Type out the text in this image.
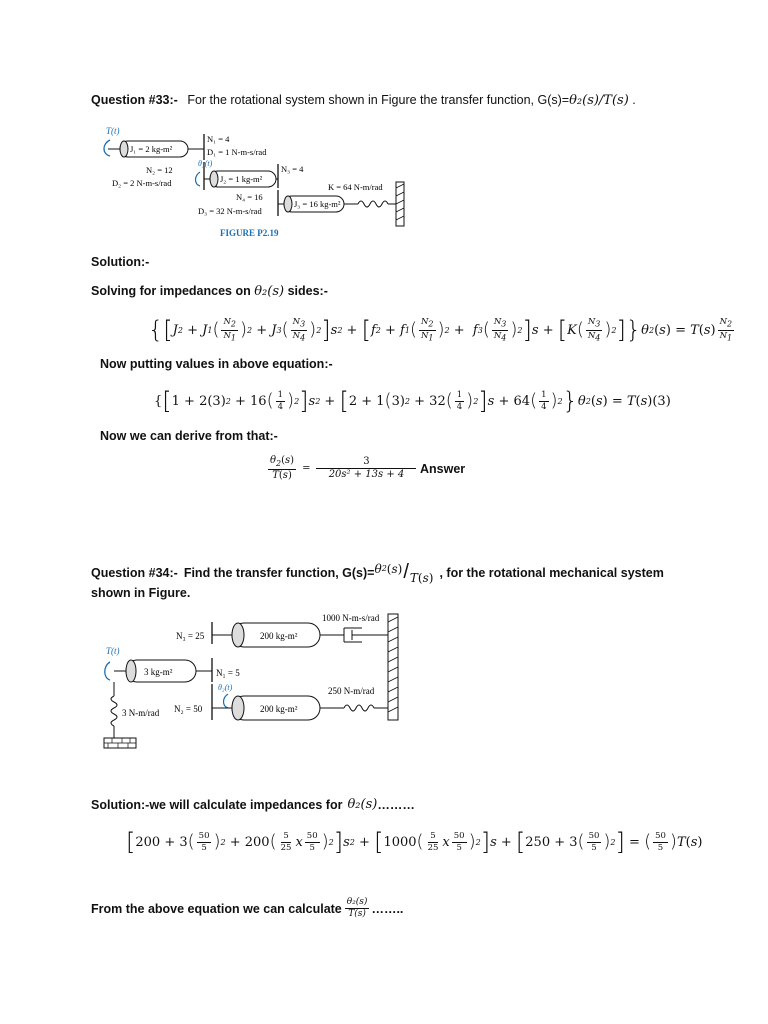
Question #33:- For the rotational system shown in Figure the transfer function, G(s)=θ₂(s)/T(s) .
T(t)
J₁ = 2 kg-m²
N₁ = 4
D₁ = 1 N-m-s/rad
N₂ = 12
D₂ = 2 N-m-s/rad
θ₂(t)
J₂ = 1 kg-m²
N₃ = 4
N₄ = 16
D₃ = 32 N-m-s/rad
J₃ = 16 kg-m²
K = 64 N-m/rad
FIGURE P2.19
Solution:-
Solving for impedances on θ₂(s) sides:-
{ [ J 2 + J 1 ( $\frac{N_2}{N_1}$ ) 2 + J 3 ( $\frac{N_3}{N_4}$ ) 2 ] s 2 + [ f 2 + f 1 ( $\frac{N_2}{N_1}$ ) 2 +  f 3 ( $\frac{N_3}{N_4}$ ) 2 ] s + [ K ( $\frac{N_3}{N_4}$ ) 2 ] } θ 2 ( s )
= T ( s ) $\frac{N_2}{N_1}$
Now putting values in above equation:-
{ [ 1 + 2(3) 2 + 16 ( $\frac{1}{4}$ ) 2 ] s 2 + [ 2 + 1 ( 3) 2 + 32 ( $\frac{1}{4}$ ) 2 ] s + 64 ( $\frac{1}{4}$ ) 2 } θ 2 ( s )
= T ( s )(3)
Now we can derive from that:-
$\frac{\theta_2(s)}{T(s)} = \frac{3}{\text{20s² + 13s + 4}}$ Answer
Question #34:- Find the transfer function, G(s)= θ 2 ( s ) / T ( s ) , for the rotational mechanical system
shown in Figure.
N₃ = 25	200 kg-m²
1000 N-m-s/rad
T(t)
3 kg-m²	N₁ = 5
θ₂(t)
3 N-m/rad N₂ = 50	200 kg-m²
250 N-m/rad
Solution:-we will calculate impedances for θ₂(s) ………
[ 200 + 3 ( $\frac{50}{5}$ ) 2 + 200 ( $\frac{5}{25}$ x $\frac{50}{5}$ ) 2 ] s 2 + [ 1000 ( $\frac{5}{25}$ x $\frac{50}{5}$ ) 2 ] s + [ 250 + 3 ( $\frac{50}{5}$ ) 2 ] = ( $\frac{50}{5}$ ) T ( s )
From the above equation we can calculate $\frac{\text{θ₂(s)}}{T(s)}$ ……..
